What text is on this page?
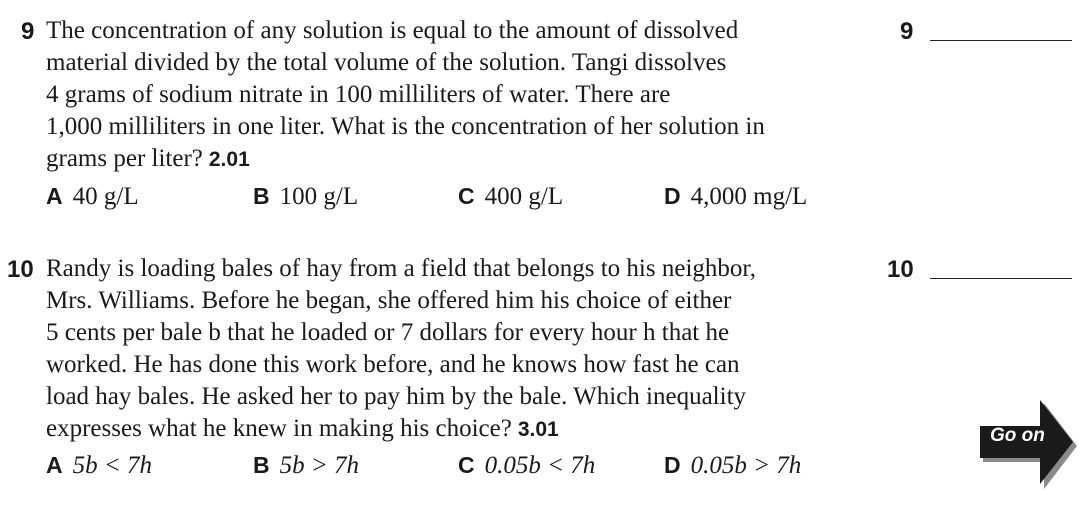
9 The concentration of any solution is equal to the amount of dissolved
material divided by the total volume of the solution. Tangi dissolves
4 grams of sodium nitrate in 100 milliliters of water. There are
1,000 milliliters in one liter. What is the concentration of her solution in
grams per liter? 2.01
A 40 g/L	B 100 g/L	C 400 g/L	D 4,000 mg/L
9
10 Randy is loading bales of hay from a field that belongs to his neighbor,
Mrs. Williams. Before he began, she offered him his choice of either
5 cents per bale b that he loaded or 7 dollars for every hour h that he
worked. He has done this work before, and he knows how fast he can
load hay bales. He asked her to pay him by the bale. Which inequality
expresses what he knew in making his choice? 3.01
A 5b < 7h	B 5b > 7h	C 0.05b < 7h	D 0.05b > 7h
10
Go on
